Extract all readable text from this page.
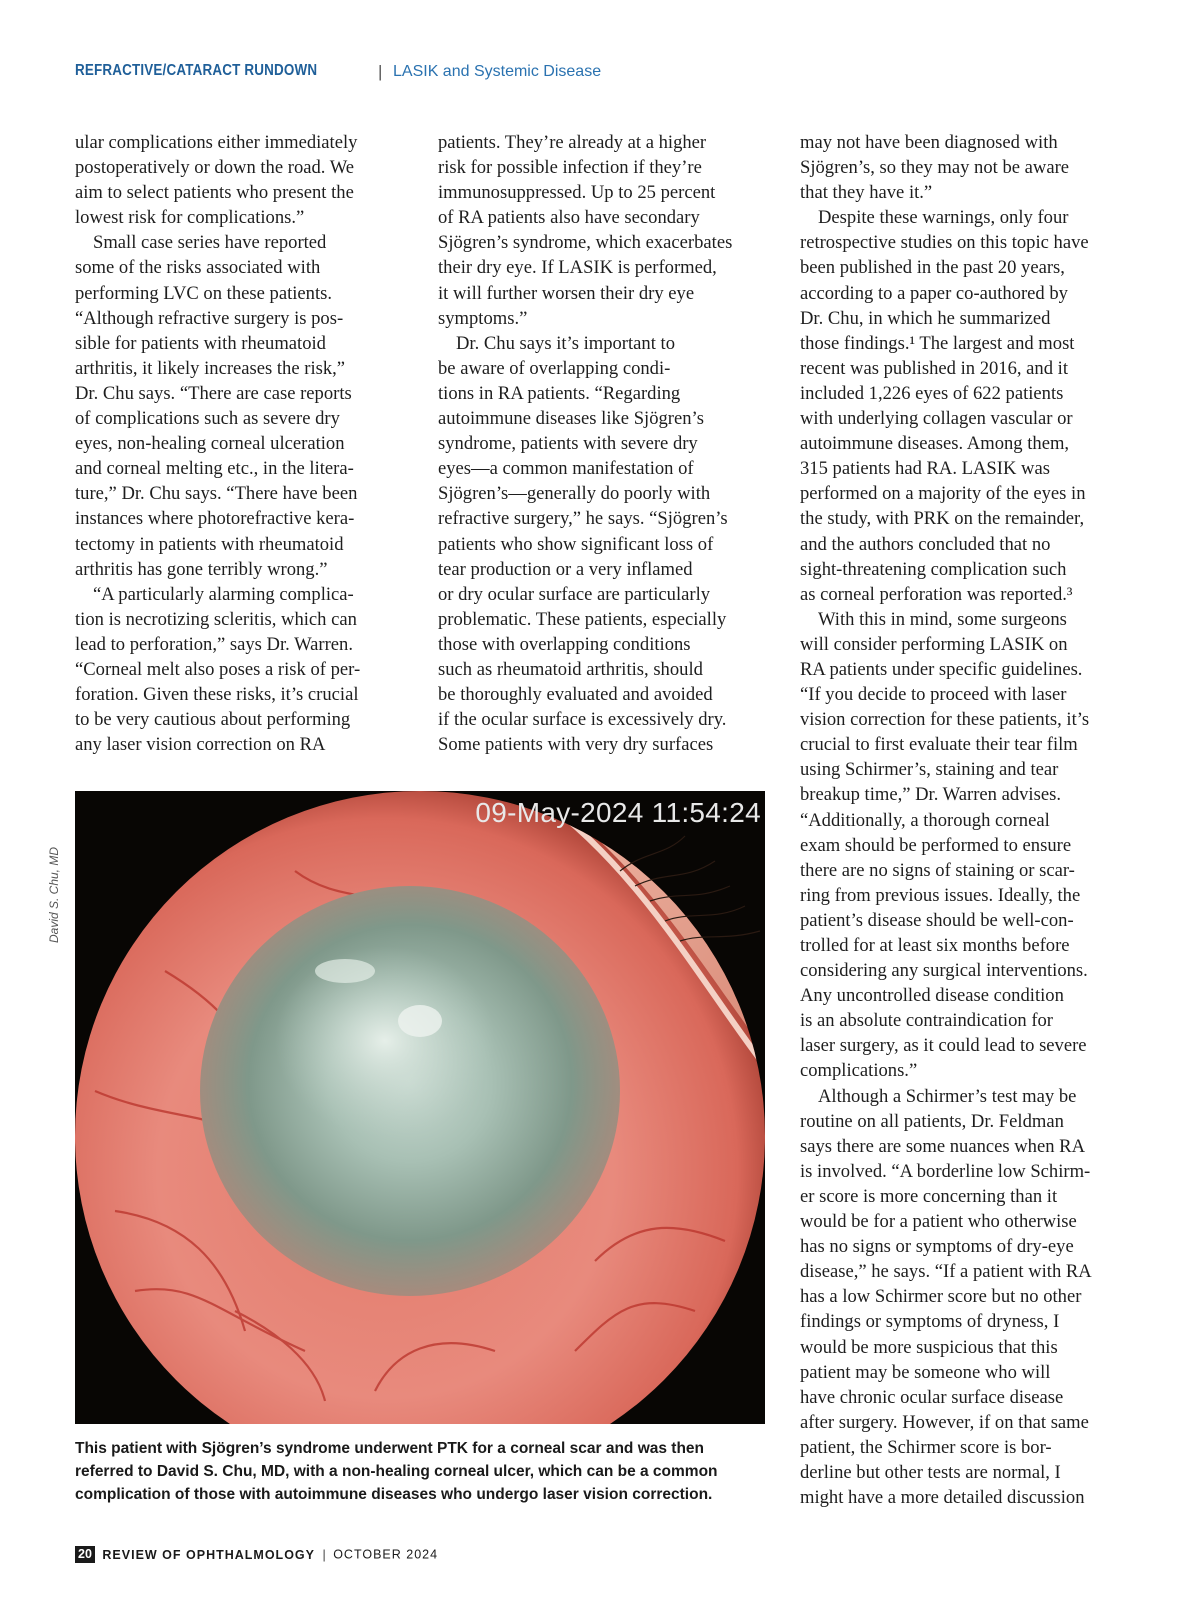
REFRACTIVE/CATARACT RUNDOWN	| LASIK and Systemic Disease

ular complications either immediately

postoperatively or down the road. We

aim to select patients who present the

lowest risk for complications.”

Small case series have reported

some of the risks associated with

performing LVC on these patients.

“Although refractive surgery is pos-

sible for patients with rheumatoid

arthritis, it likely increases the risk,”

Dr. Chu says. “There are case reports

of complications such as severe dry

eyes, non-healing corneal ulceration

and corneal melting etc., in the litera-

ture,” Dr. Chu says. “There have been

instances where photorefractive kera-

tectomy in patients with rheumatoid

arthritis has gone terribly wrong.”

“A particularly alarming complica-

tion is necrotizing scleritis, which can

lead to perforation,” says Dr. Warren.

“Corneal melt also poses a risk of per-

foration. Given these risks, it’s crucial

to be very cautious about performing

any laser vision correction on RA

patients. They’re already at a higher

risk for possible infection if they’re

immunosuppressed. Up to 25 percent

of RA patients also have secondary

Sjögren’s syndrome, which exacerbates

their dry eye. If LASIK is performed,

it will further worsen their dry eye

symptoms.”

Dr. Chu says it’s important to

be aware of overlapping condi-

tions in RA patients. “Regarding

autoimmune diseases like Sjögren’s

syndrome, patients with severe dry

eyes—a common manifestation of

Sjögren’s—generally do poorly with

refractive surgery,” he says. “Sjögren’s

patients who show significant loss of

tear production or a very inflamed

or dry ocular surface are particularly

problematic. These patients, especially

those with overlapping conditions

such as rheumatoid arthritis, should

be thoroughly evaluated and avoided

if the ocular surface is excessively dry.

Some patients with very dry surfaces

may not have been diagnosed with

Sjögren’s, so they may not be aware

that they have it.”

Despite these warnings, only four

retrospective studies on this topic have

been published in the past 20 years,

according to a paper co-authored by

Dr. Chu, in which he summarized

those findings.¹ The largest and most

recent was published in 2016, and it

included 1,226 eyes of 622 patients

with underlying collagen vascular or

autoimmune diseases. Among them,

315 patients had RA. LASIK was

performed on a majority of the eyes in

the study, with PRK on the remainder,

and the authors concluded that no

sight-threatening complication such

as corneal perforation was reported.³

With this in mind, some surgeons

will consider performing LASIK on

RA patients under specific guidelines.

“If you decide to proceed with laser

vision correction for these patients, it’s

crucial to first evaluate their tear film

using Schirmer’s, staining and tear

breakup time,” Dr. Warren advises.

“Additionally, a thorough corneal

exam should be performed to ensure

there are no signs of staining or scar-

ring from previous issues. Ideally, the

patient’s disease should be well-con-

trolled for at least six months before

considering any surgical interventions.

Any uncontrolled disease condition

is an absolute contraindication for

laser surgery, as it could lead to severe

complications.”

Although a Schirmer’s test may be

routine on all patients, Dr. Feldman

says there are some nuances when RA

is involved. “A borderline low Schirm-

er score is more concerning than it

would be for a patient who otherwise

has no signs or symptoms of dry-eye

disease,” he says. “If a patient with RA

has a low Schirmer score but no other

findings or symptoms of dryness, I

would be more suspicious that this

patient may be someone who will

have chronic ocular surface disease

after surgery. However, if on that same

patient, the Schirmer score is bor-

derline but other tests are normal, I

might have a more detailed discussion

David S. Chu, MD
09-May-2024 11:54:24

This patient with Sjögren’s syndrome underwent PTK for a corneal scar and was then

referred to David S. Chu, MD, with a non-healing corneal ulcer, which can be a common

complication of those with autoimmune diseases who undergo laser vision correction.

20 REVIEW OF OPHTHALMOLOGY | OCTOBER 2024
